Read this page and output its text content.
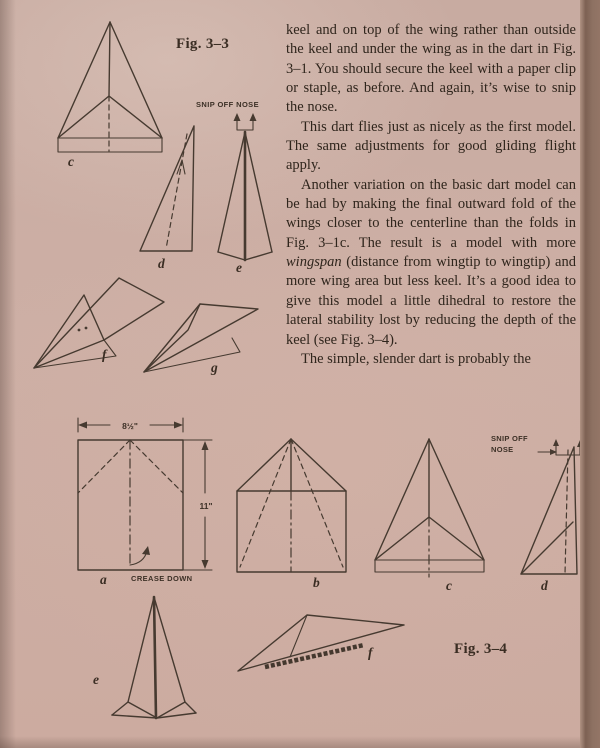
keel and on top of the wing rather than outside the keel and under the wing as in the dart in Fig. 3–1. You should secure the keel with a paper clip or staple, as before. And again, it’s wise to snip the nose.

This dart flies just as nicely as the first model. The same adjustments for good gliding flight apply.

Another variation on the basic dart model can be had by making the final outward fold of the wings closer to the centerline than the folds in Fig. 3–1c. The result is a model with more wingspan (distance from wingtip to wingtip) and more wing area but less keel. It’s a good idea to give this model a little dihedral to restore the lateral stability lost by reducing the depth of the keel (see Fig. 3–4).

The simple, slender dart is probably the

Fig. 3–3
SNIP OFF NOSE
c
d	e
f
g
8½"
11"
a	CREASE DOWN	b	c
SNIP OFF
NOSE
d
e
f	Fig. 3–4
